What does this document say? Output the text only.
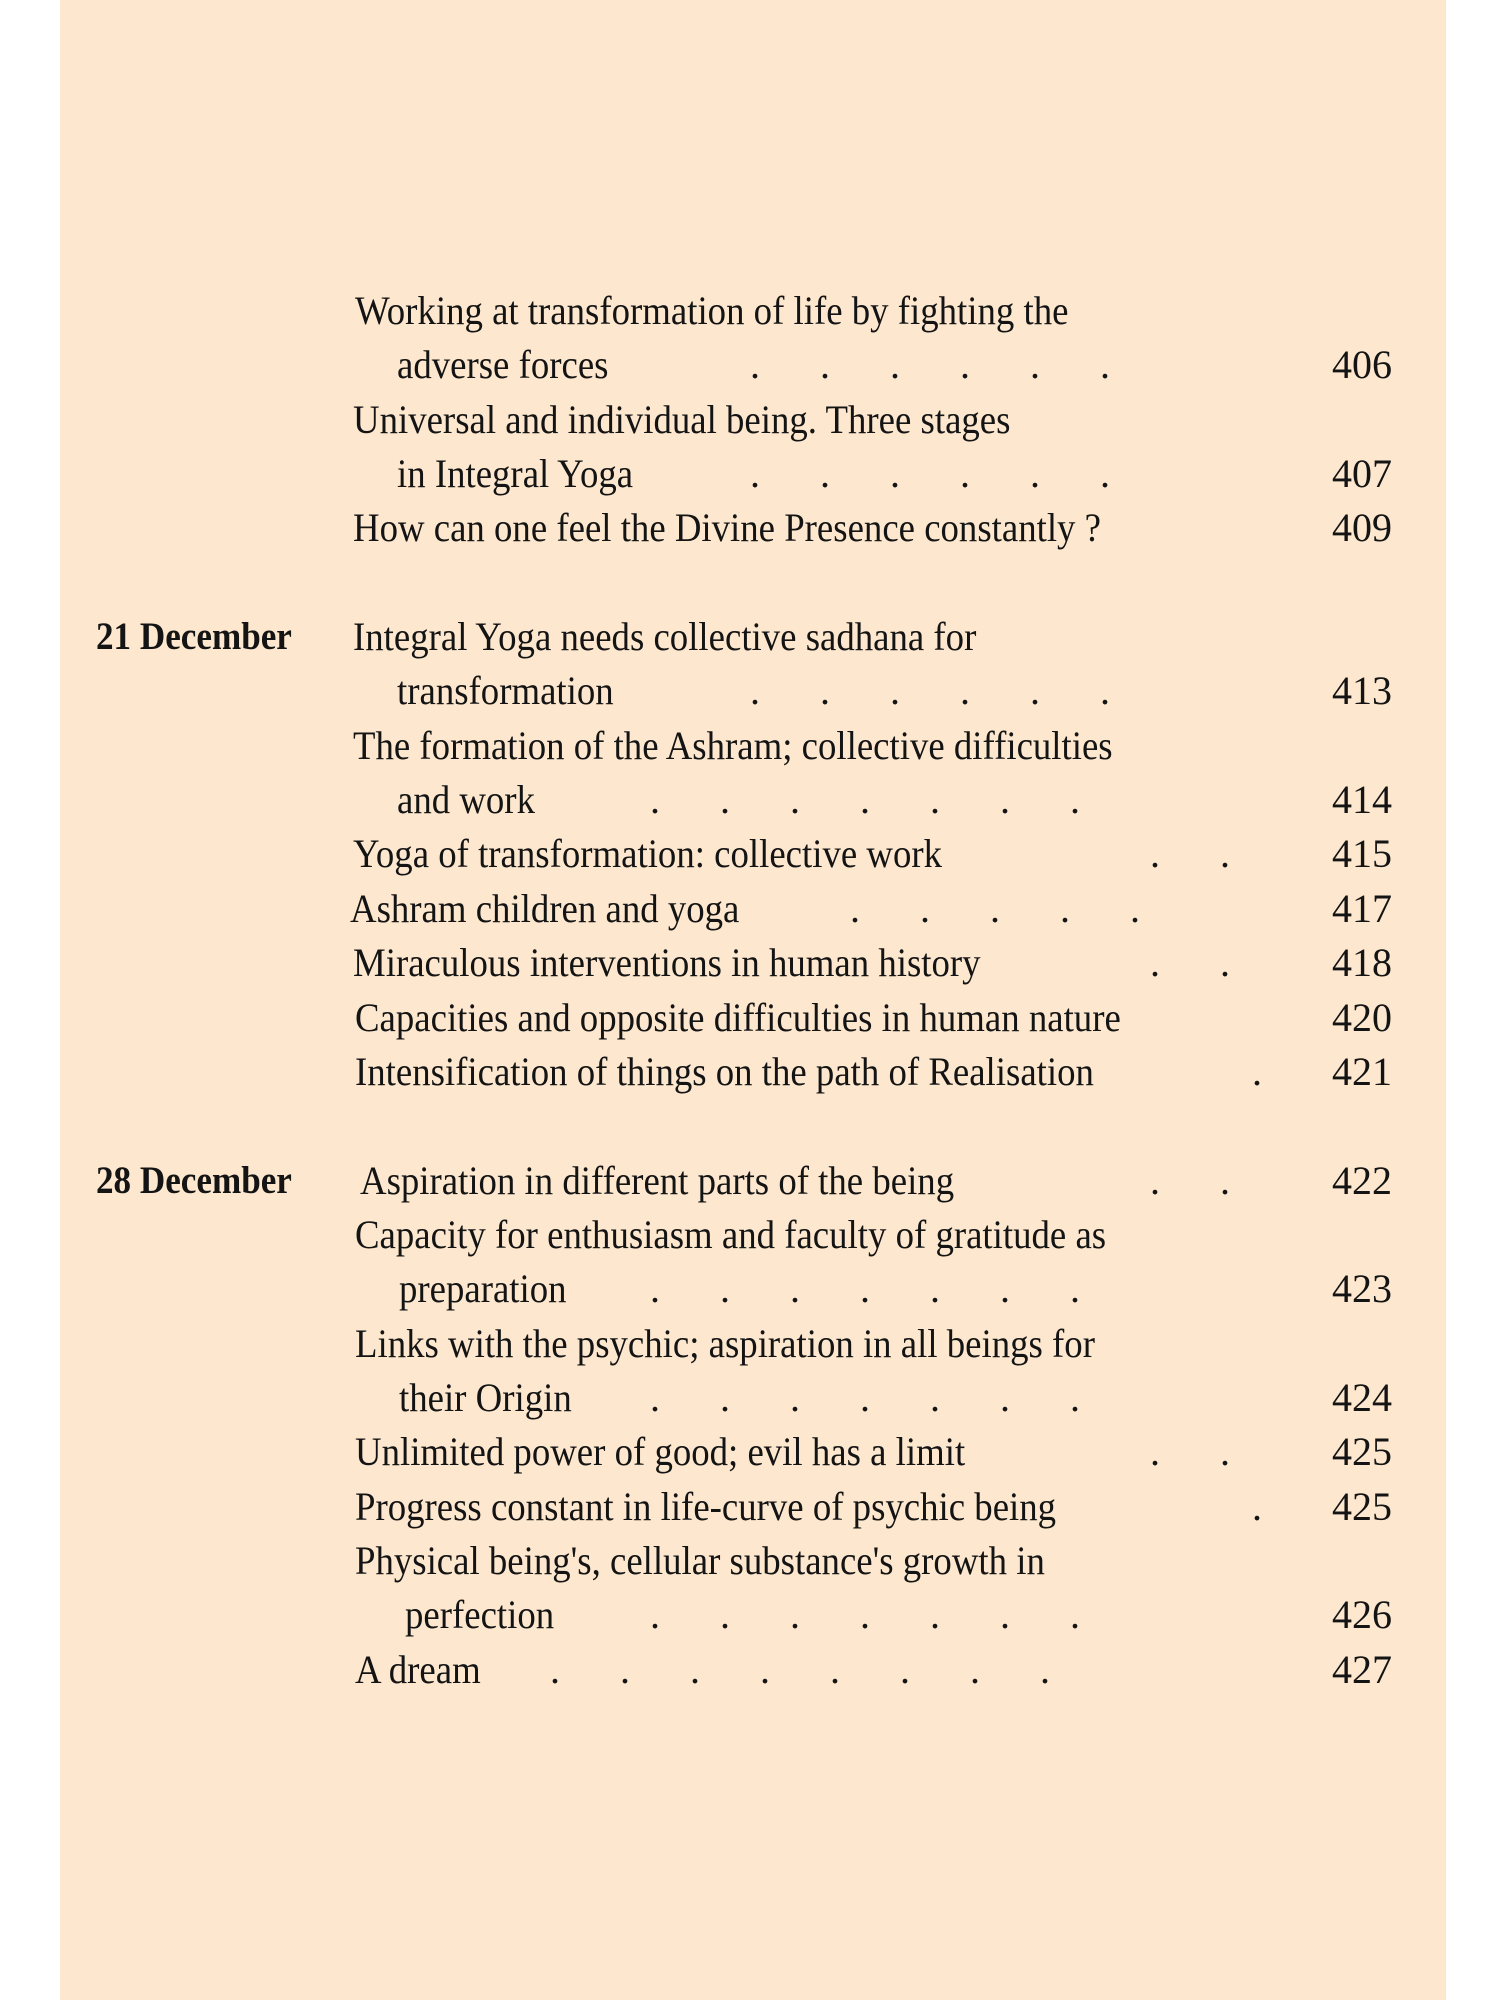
Working at transformation of life by fighting the
adverse forces	.      .      .      .      .      .	406
Universal and individual being. Three stages
in Integral Yoga	.      .      .      .      .      .	407
How can one feel the Divine Presence constantly ?	409
21 December Integral Yoga needs collective sadhana for
transformation	.      .      .      .      .      .	413
The formation of the Ashram; collective difficulties
and work	.      .      .      .      .      .      .	414
Yoga of transformation: collective work	.      .	415
Ashram children and yoga	.      .      .      .      .	417
Miraculous interventions in human history	.      .	418
Capacities and opposite difficulties in human nature	420
Intensification of things on the path of Realisation	. 421
28 December Aspiration in different parts of the being	.      .	422
Capacity for enthusiasm and faculty of gratitude as
preparation .      .      .      .      .      .      .	423
Links with the psychic; aspiration in all beings for
their Origin .      .      .      .      .      .      .	424
Unlimited power of good; evil has a limit	.      .	425
Progress constant in life-curve of psychic being	. 425
Physical being's, cellular substance's growth in
perfection .      .      .      .      .      .      .	426
A dream .      .      .      .      .      .      .      .	427
